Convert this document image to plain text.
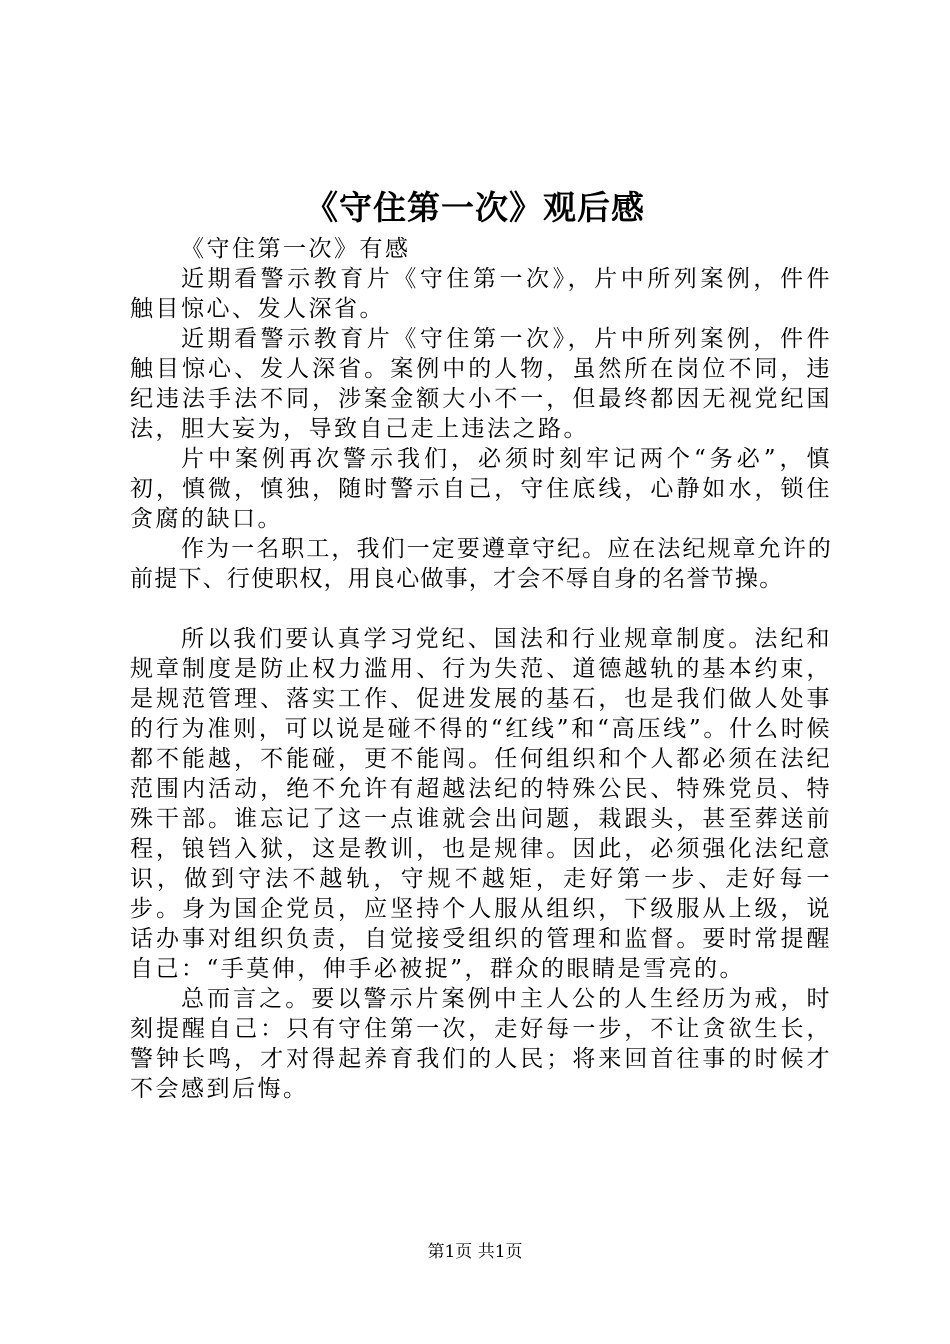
《守住第一次》观后感

《守住第一次》有感

近期看警示教育片《守住第一次》，片中所列案例，件件触目惊心、发人深省。

近期看警示教育片《守住第一次》，片中所列案例，件件触目惊心、发人深省。案例中的人物，虽然所在岗位不同，违纪违法手法不同，涉案金额大小不一，但最终都因无视党纪国法，胆大妄为，导致自己走上违法之路。

片中案例再次警示我们，必须时刻牢记两个“务必”，慎初，慎微，慎独，随时警示自己，守住底线，心静如水，锁住贪腐的缺口。

作为一名职工，我们一定要遵章守纪。应在法纪规章允许的前提下、行使职权，用良心做事，才会不辱自身的名誉节操。

所以我们要认真学习党纪、国法和行业规章制度。法纪和规章制度是防止权力滥用、行为失范、道德越轨的基本约束，是规范管理、落实工作、促进发展的基石，也是我们做人处事的行为准则，可以说是碰不得的“红线”和“高压线”。什么时候都不能越，不能碰，更不能闯。任何组织和个人都必须在法纪范围内活动，绝不允许有超越法纪的特殊公民、特殊党员、特殊干部。谁忘记了这一点谁就会出问题，栽跟头，甚至葬送前程，锒铛入狱，这是教训，也是规律。因此，必须强化法纪意识，做到守法不越轨，守规不越矩，走好第一步、走好每一步。身为国企党员，应坚持个人服从组织，下级服从上级，说话办事对组织负责，自觉接受组织的管理和监督。要时常提醒自己：“手莫伸，伸手必被捉”，群众的眼睛是雪亮的。

总而言之。要以警示片案例中主人公的人生经历为戒，时刻提醒自己：只有守住第一次，走好每一步，不让贪欲生长，警钟长鸣，才对得起养育我们的人民；将来回首往事的时候才不会感到后悔。

第1页 共1页
